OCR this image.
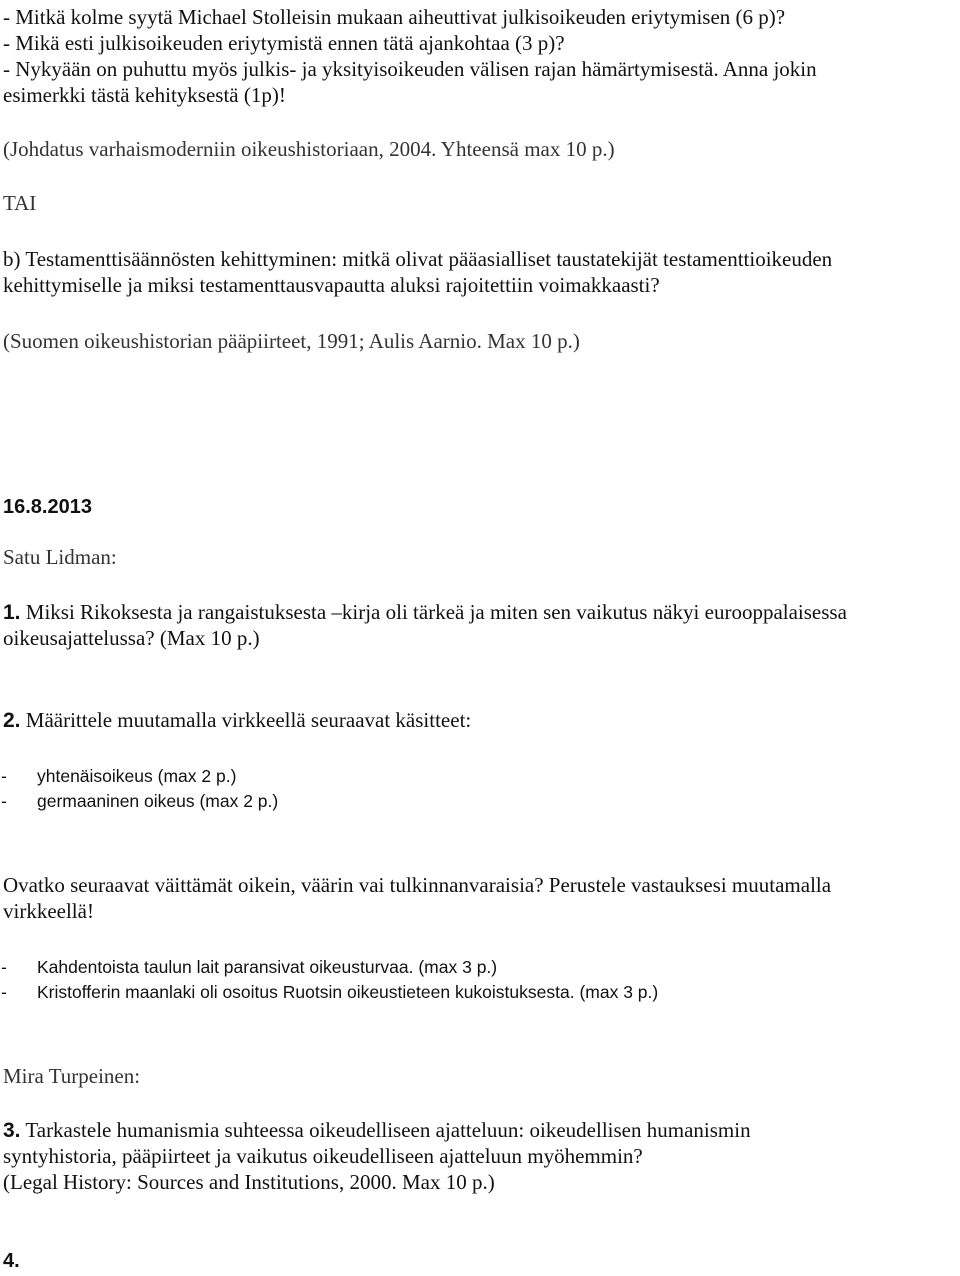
- Mitkä kolme syytä Michael Stolleisin mukaan aiheuttivat julkisoikeuden eriytymisen (6 p)?
- Mikä esti julkisoikeuden eriytymistä ennen tätä ajankohtaa (3 p)?
- Nykyään on puhuttu myös julkis- ja yksityisoikeuden välisen rajan hämärtymisestä. Anna jokin
esimerkki tästä kehityksestä (1p)!
(Johdatus varhaismoderniin oikeushistoriaan, 2004. Yhteensä max 10 p.)
TAI
b) Testamenttisäännösten kehittyminen: mitkä olivat pääasialliset taustatekijät testamenttioikeuden
kehittymiselle ja miksi testamenttausvapautta aluksi rajoitettiin voimakkaasti?
(Suomen oikeushistorian pääpiirteet, 1991; Aulis Aarnio. Max 10 p.)
16.8.2013
Satu Lidman:
1. Miksi Rikoksesta ja rangaistuksesta –kirja oli tärkeä ja miten sen vaikutus näkyi eurooppalaisessa
oikeusajattelussa? (Max 10 p.)
2. Määrittele muutamalla virkkeellä seuraavat käsitteet:
-	yhtenäisoikeus (max 2 p.)
-	germaaninen oikeus (max 2 p.)
Ovatko seuraavat väittämät oikein, väärin vai tulkinnanvaraisia? Perustele vastauksesi muutamalla
virkkeellä!
-	Kahdentoista taulun lait paransivat oikeusturvaa. (max 3 p.)
-	Kristofferin maanlaki oli osoitus Ruotsin oikeustieteen kukoistuksesta. (max 3 p.)
Mira Turpeinen:
3. Tarkastele humanismia suhteessa oikeudelliseen ajatteluun: oikeudellisen humanismin
syntyhistoria, pääpiirteet ja vaikutus oikeudelliseen ajatteluun myöhemmin?
(Legal History: Sources and Institutions, 2000. Max 10 p.)
4.
